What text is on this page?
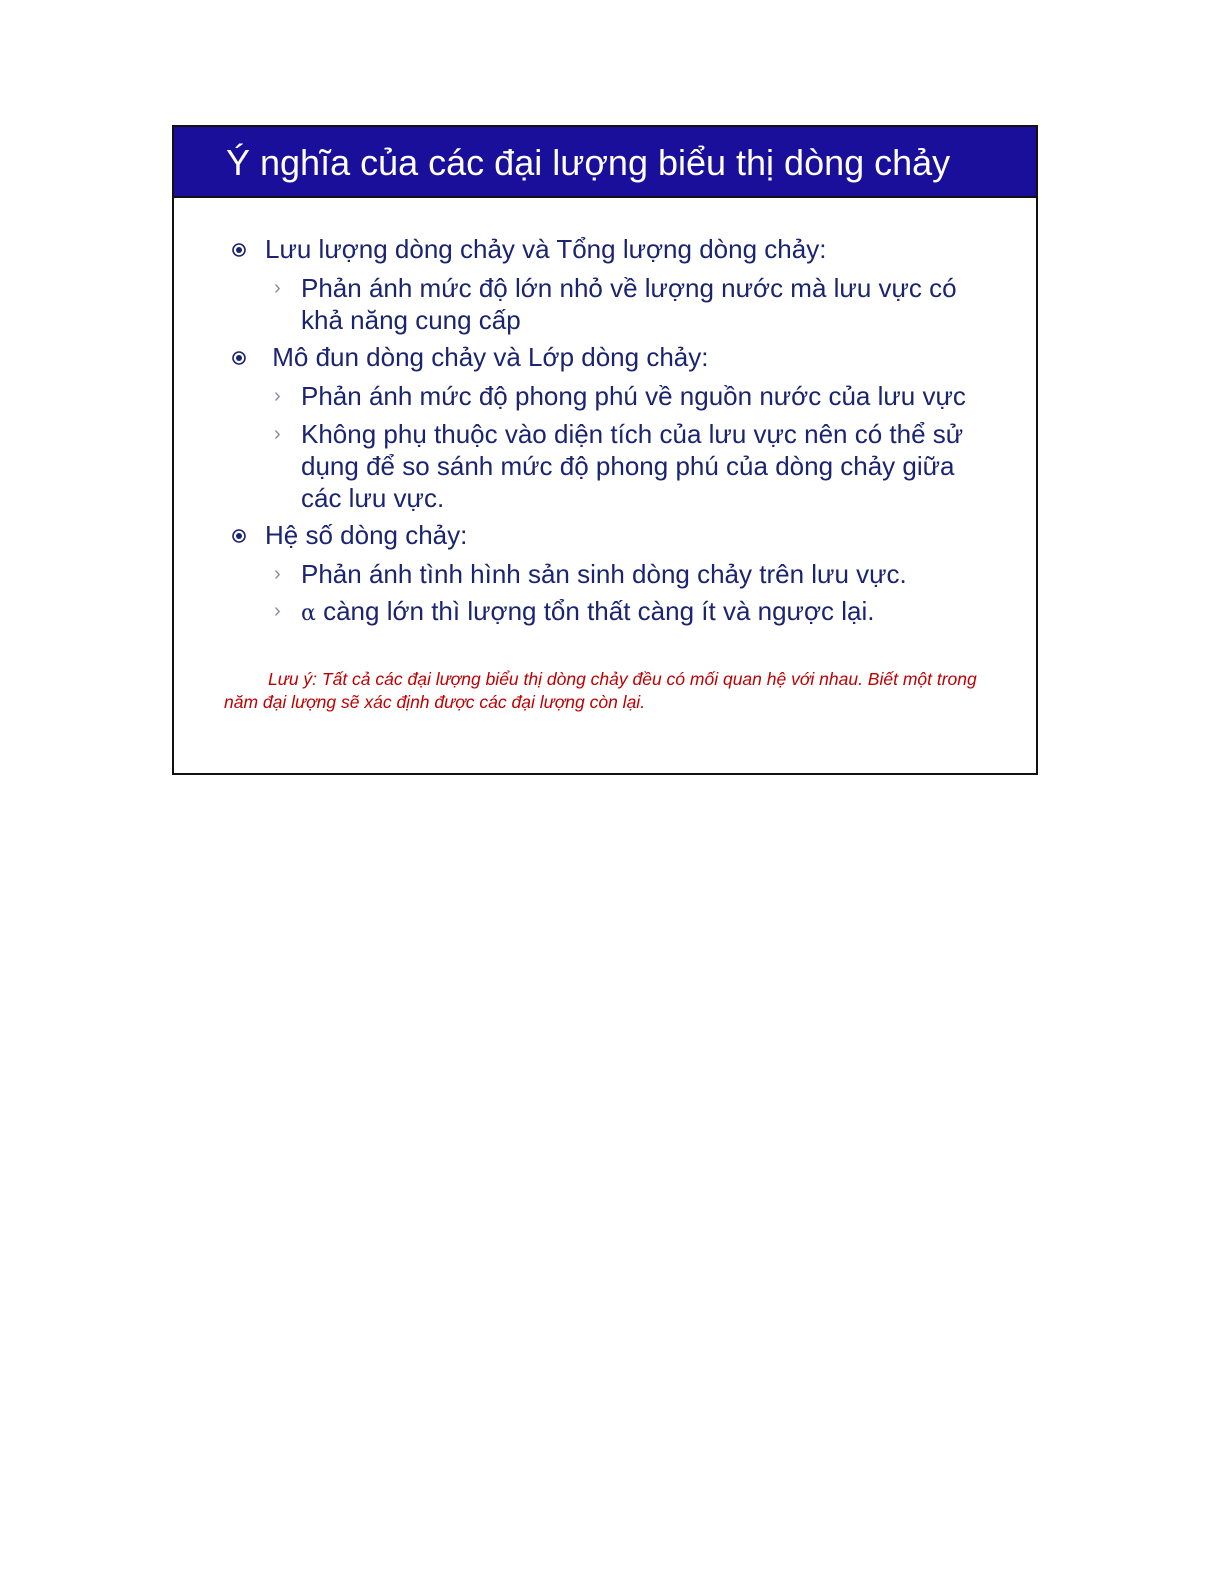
Ý nghĩa của các đại lượng biểu thị dòng chảy
Lưu lượng dòng chảy và Tổng lượng dòng chảy:
› Phản ánh mức độ lớn nhỏ về lượng nước mà lưu vực có khả năng cung cấp
Mô đun dòng chảy và Lớp dòng chảy:
› Phản ánh mức độ phong phú về nguồn nước của lưu vực
› Không phụ thuộc vào diện tích của lưu vực nên có thể sử dụng để so sánh mức độ phong phú của dòng chảy giữa các lưu vực.
Hệ số dòng chảy:
› Phản ánh tình hình sản sinh dòng chảy trên lưu vực.
› α càng lớn thì lượng tổn thất càng ít và ngược lại.
Lưu ý: Tất cả các đại lượng biểu thị dòng chảy đều có mối quan hệ với nhau. Biết một trong năm đại lượng sẽ xác định được các đại lượng còn lại.
